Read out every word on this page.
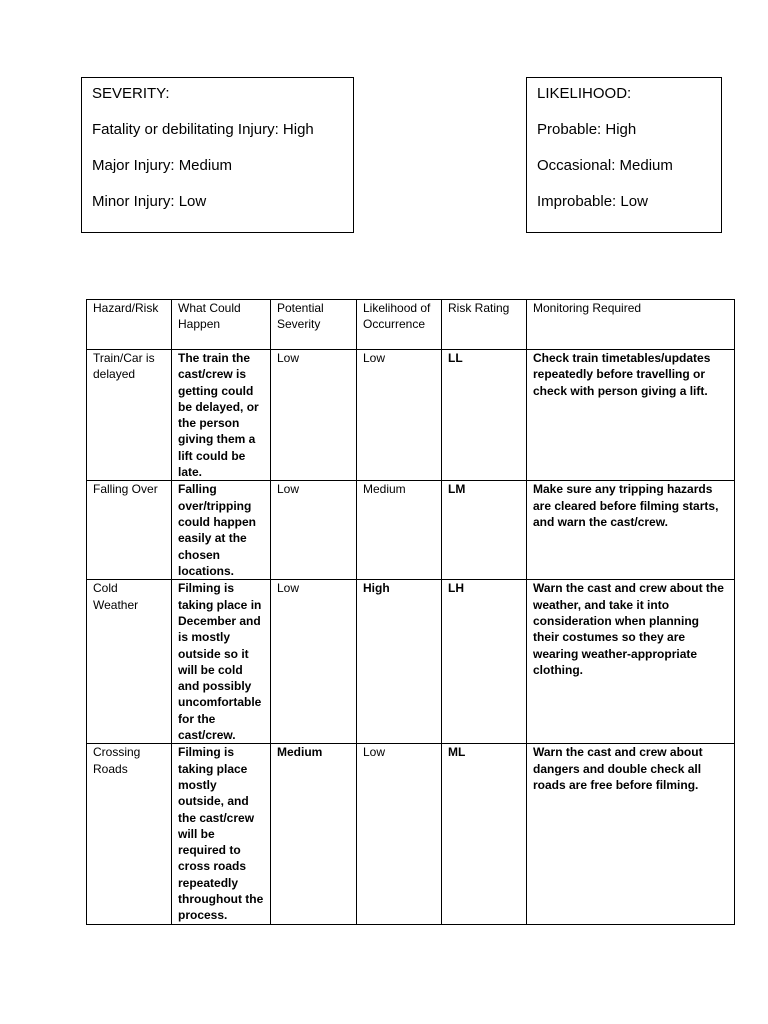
SEVERITY:

Fatality or debilitating Injury: High

Major Injury: Medium

Minor Injury: Low

LIKELIHOOD:

Probable: High

Occasional: Medium

Improbable: Low

Hazard/Risk	What Could Happen	Potential Severity	Likelihood of Occurrence	Risk Rating	Monitoring Required
Train/Car is delayed	The train the cast/crew is getting could be delayed, or the person giving them a lift could be late.	Low	Low	LL	Check train timetables/updates repeatedly before travelling or check with person giving a lift.
Falling Over	Falling over/tripping could happen easily at the chosen locations.	Low	Medium	LM	Make sure any tripping hazards are cleared before filming starts, and warn the cast/crew.
Cold Weather	Filming is taking place in December and is mostly outside so it will be cold and possibly uncomfortable for the cast/crew.	Low	High	LH	Warn the cast and crew about the weather, and take it into consideration when planning their costumes so they are wearing weather-appropriate clothing.
Crossing Roads	Filming is taking place mostly outside, and the cast/crew will be required to cross roads repeatedly throughout the process.	Medium	Low	ML	Warn the cast and crew about dangers and double check all roads are free before filming.
